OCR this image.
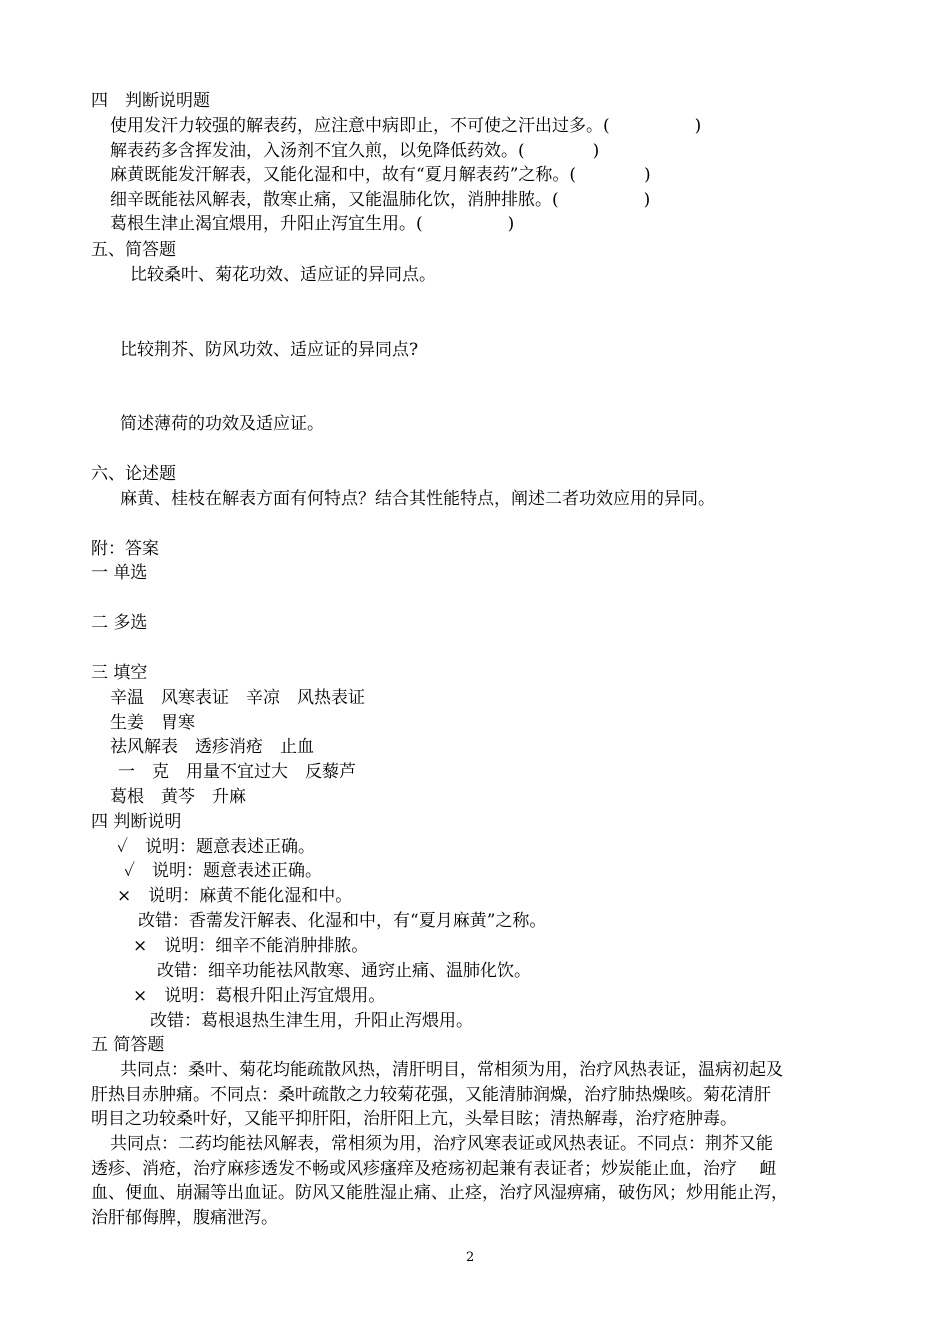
四　判断说明题
使用发汗力较强的解表药，应注意中病即止，不可使之汗出过多。(　　　　　)
解表药多含挥发油，入汤剂不宜久煎，以免降低药效。(　　　　)
麻黄既能发汗解表，又能化湿和中，故有“夏月解表药”之称。(　　　　)
细辛既能祛风解表，散寒止痛，又能温肺化饮，消肿排脓。(　　　　　)
葛根生津止渴宜煨用，升阳止泻宜生用。(　　　　　)
五、简答题
比较桑叶、菊花功效、适应证的异同点。
比较荆芥、防风功效、适应证的异同点?
简述薄荷的功效及适应证。
六、论述题
麻黄、桂枝在解表方面有何特点？结合其性能特点，阐述二者功效应用的异同。
附：答案
一 单选
二 多选
三 填空
辛温　风寒表证　辛凉　风热表证
生姜　胃寒
祛风解表　透疹消疮　止血
一　克　用量不宜过大　反藜芦
葛根　黄芩　升麻
四 判断说明
✓　说明：题意表述正确。
✓　说明：题意表述正确。
×　说明：麻黄不能化湿和中。
改错：香薷发汗解表、化湿和中，有“夏月麻黄”之称。
×　说明：细辛不能消肿排脓。
改错：细辛功能祛风散寒、通窍止痛、温肺化饮。
×　说明：葛根升阳止泻宜煨用。
改错：葛根退热生津生用，升阳止泻煨用。
五 简答题
共同点：桑叶、菊花均能疏散风热，清肝明目，常相须为用，治疗风热表证，温病初起及
肝热目赤肿痛。不同点：桑叶疏散之力较菊花强，又能清肺润燥，治疗肺热燥咳。菊花清肝
明目之功较桑叶好，又能平抑肝阳，治肝阳上亢，头晕目眩；清热解毒，治疗疮肿毒。
共同点：二药均能祛风解表，常相须为用，治疗风寒表证或风热表证。不同点：荆芥又能
透疹、消疮，治疗麻疹透发不畅或风疹瘙痒及疮疡初起兼有表证者；炒炭能止血，治疗　 衄
血、便血、崩漏等出血证。防风又能胜湿止痛、止痉，治疗风湿痹痛，破伤风；炒用能止泻，
治肝郁侮脾，腹痛泄泻。
2
